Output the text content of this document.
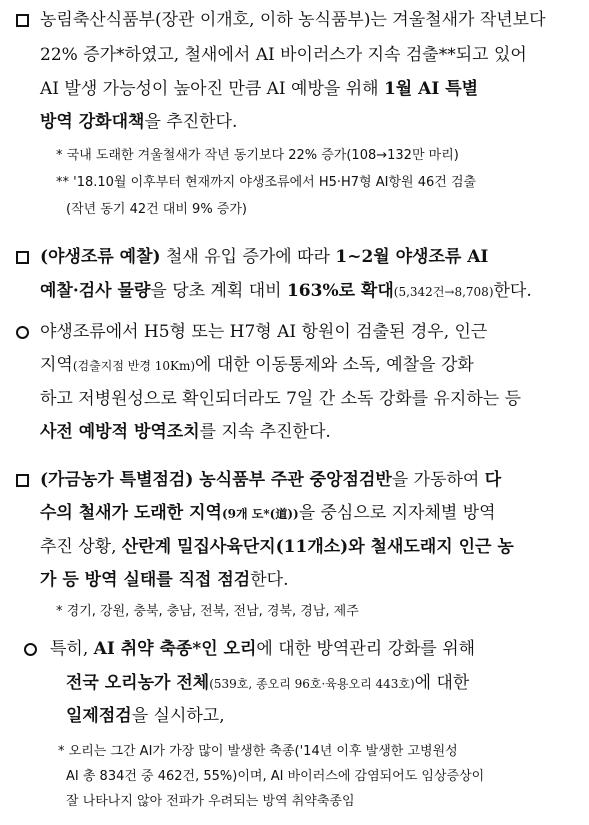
농림축산식품부(장관 이개호, 이하 농식품부)는 겨울철새가 작년보다
22% 증가*하였고, 철새에서 AI 바이러스가 지속 검출**되고 있어
AI 발생 가능성이 높아진 만큼 AI 예방을 위해 1월 AI 특별
방역 강화대책을 추진한다.
* 국내 도래한 겨울철새가 작년 동기보다 22% 증가(108→132만 마리)
** '18.10월 이후부터 현재까지 야생조류에서 H5·H7형 AI항원 46건 검출
(작년 동기 42건 대비 9% 증가)
(야생조류 예찰) 철새 유입 증가에 따라 1~2월 야생조류 AI
예찰·검사 물량을 당초 계획 대비 163%로 확대(5,342건→8,708)한다.
야생조류에서 H5형 또는 H7형 AI 항원이 검출된 경우, 인근
지역(검출지점 반경 10Km)에 대한 이동통제와 소독, 예찰을 강화
하고 저병원성으로 확인되더라도 7일 간 소독 강화를 유지하는 등
사전 예방적 방역조치를 지속 추진한다.
(가금농가 특별점검) 농식품부 주관 중앙점검반을 가동하여 다
수의 철새가 도래한 지역(9개 도*(道))을 중심으로 지자체별 방역
추진 상황, 산란계 밀집사육단지(11개소)와 철새도래지 인근 농
가 등 방역 실태를 직접 점검한다.
* 경기, 강원, 충북, 충남, 전북, 전남, 경북, 경남, 제주
특히, AI 취약 축종*인 오리에 대한 방역관리 강화를 위해
전국 오리농가 전체(539호, 종오리 96호·육용오리 443호)에 대한
일제점검을 실시하고,
* 오리는 그간 AI가 가장 많이 발생한 축종('14년 이후 발생한 고병원성
AI 총 834건 중 462건, 55%)이며, AI 바이러스에 감염되어도 임상증상이
잘 나타나지 않아 전파가 우려되는 방역 취약축종임
